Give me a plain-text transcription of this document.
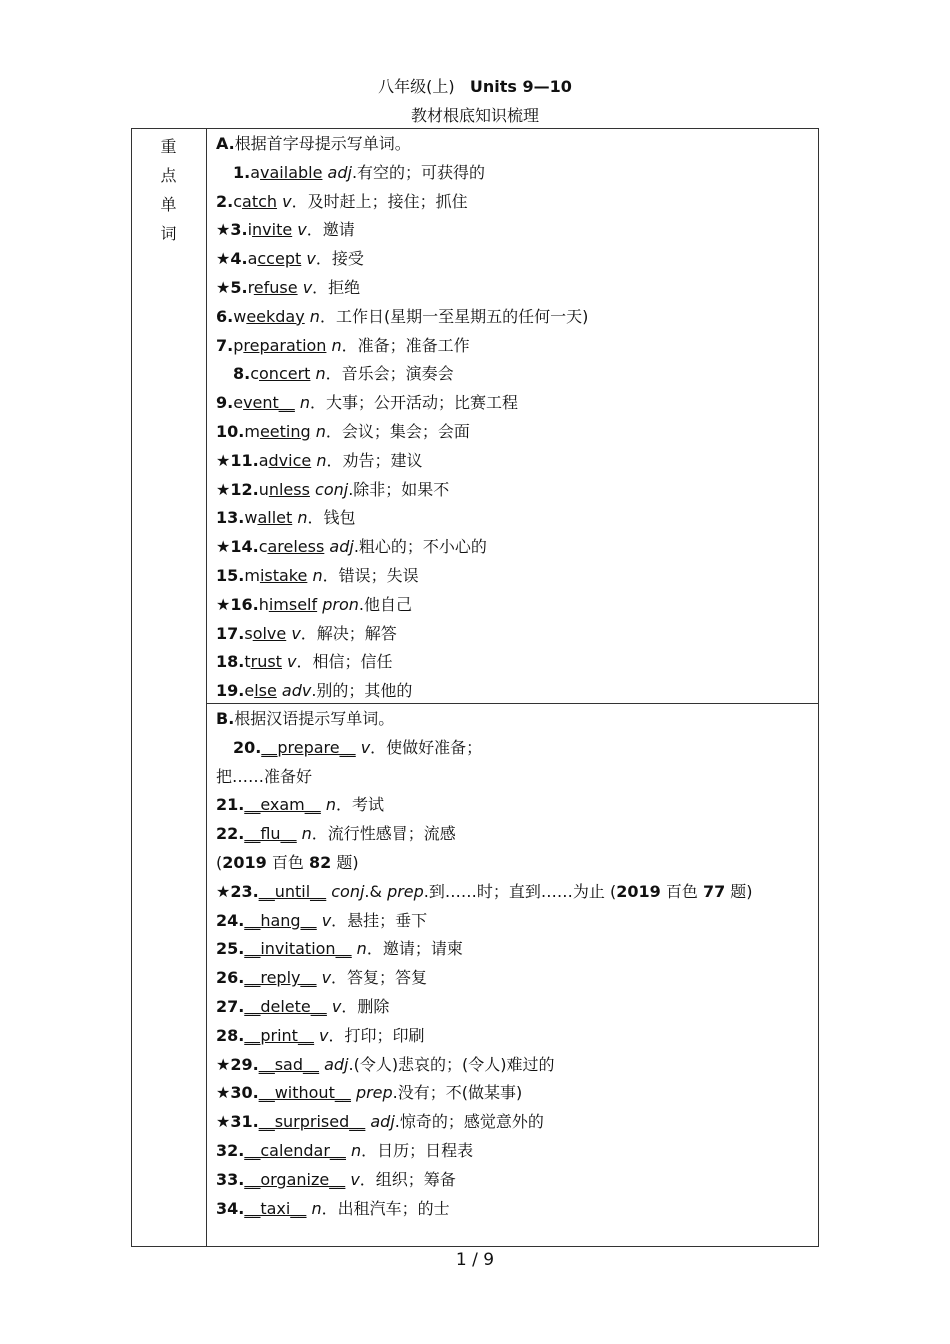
八年级(上) Units 9—10
教材根底知识梳理
重
点
单
词
A.根据首字母提示写单词。
1.available adj.有空的；可获得的
2.catch v．及时赶上；接住；抓住
★3.invite v．邀请
★4.accept v．接受
★5.refuse v．拒绝
6.weekday n．工作日(星期一至星期五的任何一天)
7.preparation n．准备；准备工作
8.concert n．音乐会；演奏会
9.event__ n．大事；公开活动；比赛工程
10.meeting n．会议；集会；会面
★11.advice n．劝告；建议
★12.unless conj.除非；如果不
13.wallet n．钱包
★14.careless adj.粗心的；不小心的
15.mistake n．错误；失误
★16.himself pron.他自己
17.solve v．解决；解答
18.trust v．相信；信任
19.else adv.别的；其他的
B.根据汉语提示写单词。
20.__prepare__ v．使做好准备；
把……准备好
21.__exam__ n．考试
22.__flu__ n．流行性感冒；流感
(2019 百色 82 题)
★23.__until__ conj.& prep.到……时；直到……为止 (2019 百色 77 题)
24.__hang__ v．悬挂；垂下
25.__invitation__ n．邀请；请柬
26.__reply__ v．答复；答复
27.__delete__ v．删除
28.__print__ v．打印；印刷
★29.__sad__ adj.(令人)悲哀的；(令人)难过的
★30.__without__ prep.没有；不(做某事)
★31.__surprised__ adj.惊奇的；感觉意外的
32.__calendar__ n．日历；日程表
33.__organize__ v．组织；筹备
34.__taxi__ n．出租汽车；的士
1 / 9
